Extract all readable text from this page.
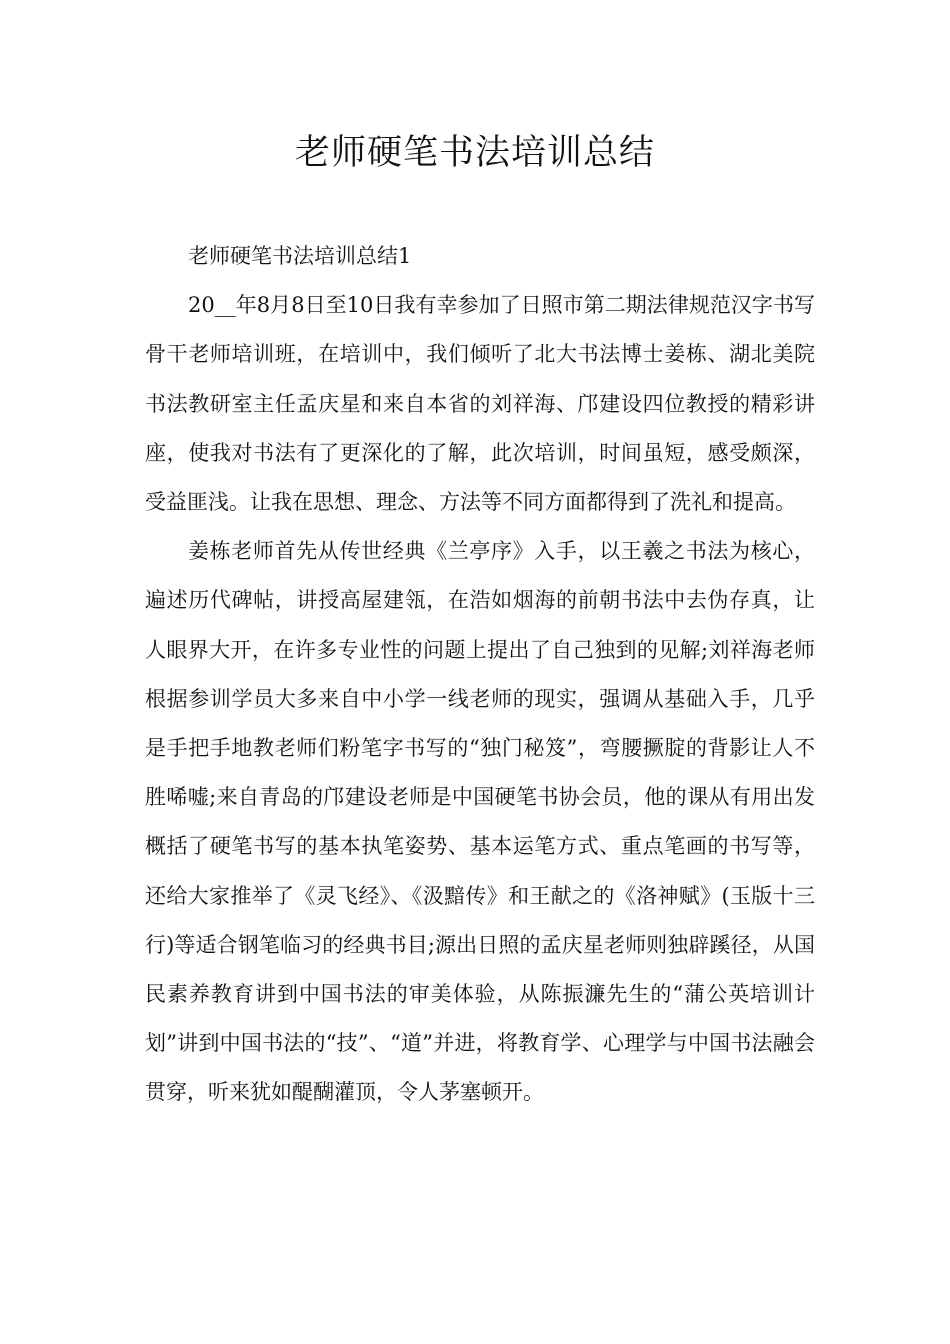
老师硬笔书法培训总结

老师硬笔书法培训总结1

20__年8月8日至10日我有幸参加了日照市第二期法律规范汉字书写骨干老师培训班，在培训中，我们倾听了北大书法博士姜栋、湖北美院书法教研室主任孟庆星和来自本省的刘祥海、邝建设四位教授的精彩讲座，使我对书法有了更深化的了解，此次培训，时间虽短，感受颇深，受益匪浅。让我在思想、理念、方法等不同方面都得到了洗礼和提高。

姜栋老师首先从传世经典《兰亭序》入手，以王羲之书法为核心，遍述历代碑帖，讲授高屋建瓴，在浩如烟海的前朝书法中去伪存真，让人眼界大开，在许多专业性的问题上提出了自己独到的见解;刘祥海老师根据参训学员大多来自中小学一线老师的现实，强调从基础入手，几乎是手把手地教老师们粉笔字书写的“独门秘笈”，弯腰撅腚的背影让人不胜唏嘘;来自青岛的邝建设老师是中国硬笔书协会员，他的课从有用出发概括了硬笔书写的基本执笔姿势、基本运笔方式、重点笔画的书写等，还给大家推举了《灵飞经》、《汲黯传》和王献之的《洛神赋》(玉版十三行)等适合钢笔临习的经典书目;源出日照的孟庆星老师则独辟蹊径，从国民素养教育讲到中国书法的审美体验，从陈振濂先生的“蒲公英培训计划”讲到中国书法的“技”、“道”并进，将教育学、心理学与中国书法融会贯穿，听来犹如醍醐灌顶，令人茅塞顿开。
